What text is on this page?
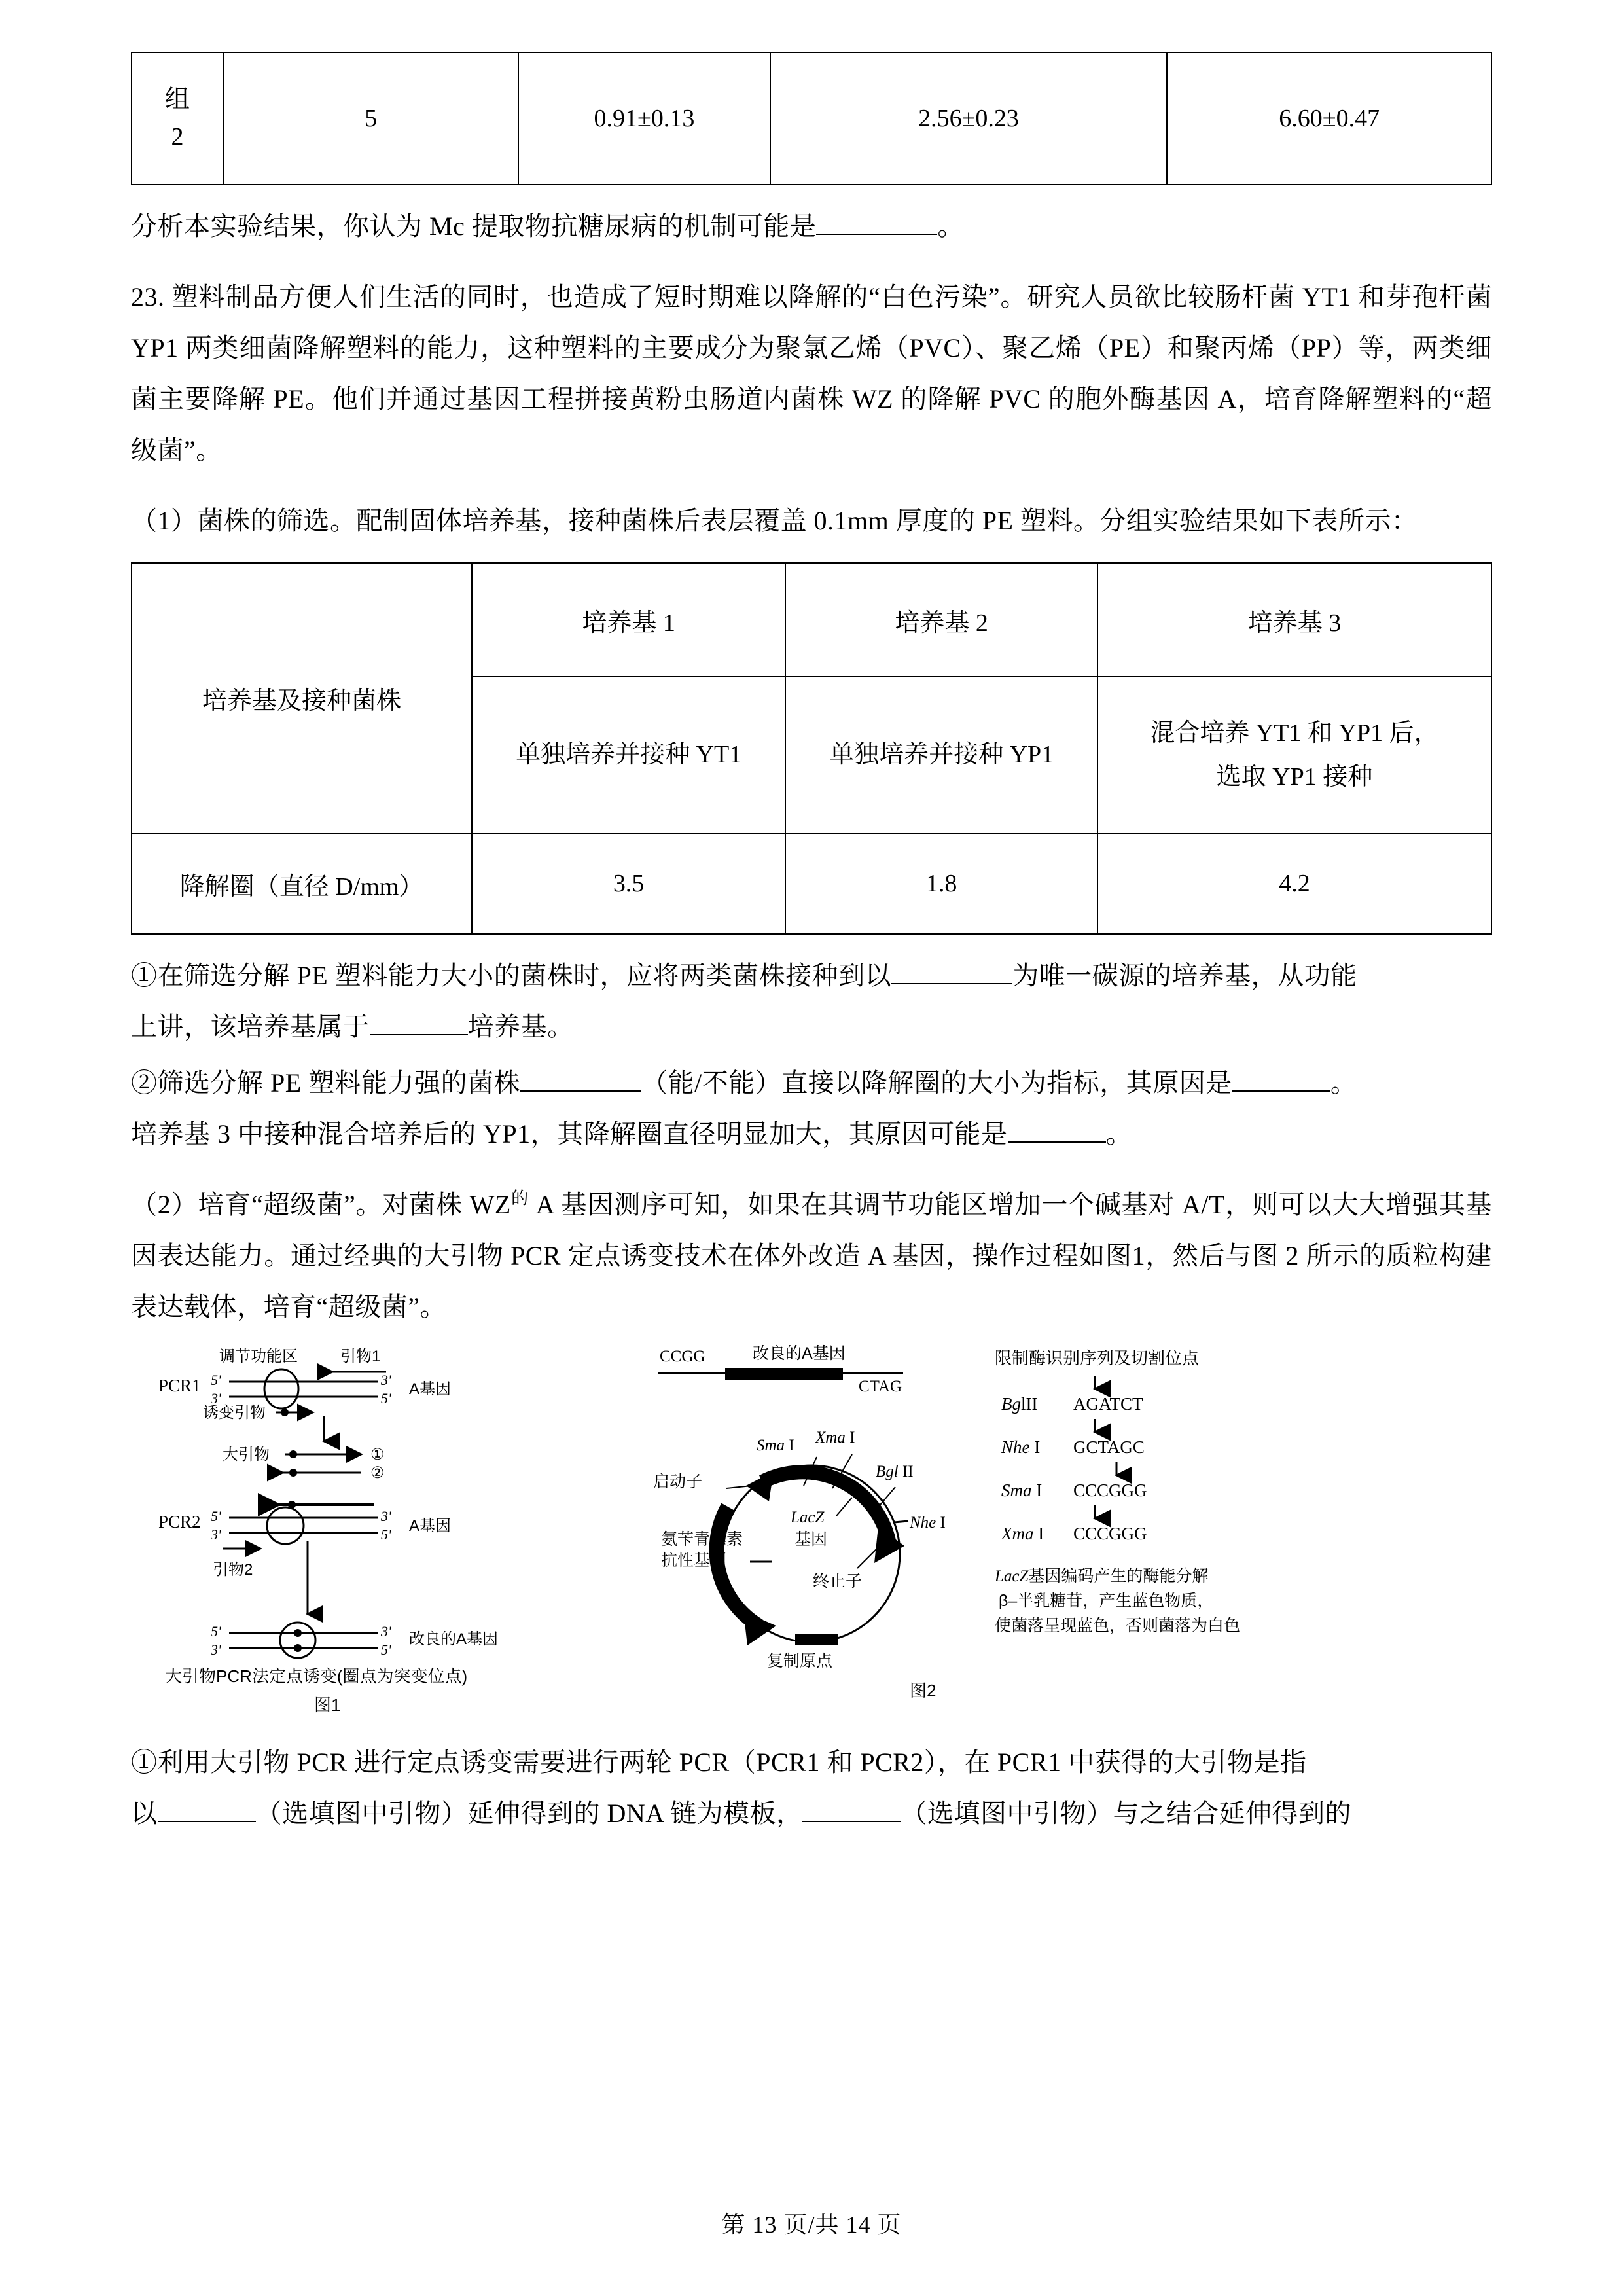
组
2
	5	0.91±0.13	2.56±0.23	6.60±0.47

分析本实验结果，你认为 Mc 提取物抗糖尿病的机制可能是	。

23. 塑料制品方便人们生活的同时，也造成了短时期难以降解的“白色污染”。研究人员欲比较肠杆菌 YT1 和芽孢杆菌 YP1 两类细菌降解塑料的能力，这种塑料的主要成分为聚氯乙烯（PVC）、聚乙烯（PE）和聚丙烯（PP）等，两类细菌主要降解 PE。他们并通过基因工程拼接黄粉虫肠道内菌株 WZ 的降解 PVC 的胞外酶基因 A，培育降解塑料的“超级菌”。

（1）菌株的筛选。配制固体培养基，接种菌株后表层覆盖 0.1mm 厚度的 PE 塑料。分组实验结果如下表所示：

培养基及接种菌株	培养基 1	培养基 2	培养基 3
	单独培养并接种 YT1	单独培养并接种 YP1	混合培养 YT1 和 YP1 后，
选取 YP1 接种

降解圈（直径 D/mm）	3.5	1.8	4.2

①在筛选分解 PE 塑料能力大小的菌株时，应将两类菌株接种到以	为唯一碳源的培养基，从功能
上讲，该培养基属于	培养基。

②筛选分解 PE 塑料能力强的菌株	（能/不能）直接以降解圈的大小为指标，其原因是	。

培养基 3 中接种混合培养后的 YP1，其降解圈直径明显加大，其原因可能是	。

（2）培育“超级菌”。对菌株 $WZ^的$ A 基因测序可知，如果在其调节功能区增加一个碱基对 A/T，则可以大大增强其基因表达能力。通过经典的大引物 PCR 定点诱变技术在体外改造 A 基因，操作过程如图1，然后与图 2 所示的质粒构建表达载体，培育“超级菌”。

调节功能区	引物1
PCR1 5'
3'
3'
5'
A基因
诱变引物
大引物	①
②
PCR2 5'
3'
3'
5' A基因
引物2
5'
3'
3'
5'
改良的A基因
大引物PCR法定点诱变(圈点为突变位点)
图1
CCGG	改良的A基因
CTAG
限制酶识别序列及切割位点
BglII AGATCT
Nhe I GCTAGC
Sma I CCCGGG
Xma I CCCGGG
LacZ基因编码产生的酶能分解
β–半乳糖苷，产生蓝色物质，
使菌落呈现蓝色，否则菌落为白色
启动子
Sma I Xma I
Bgl II
Nhe I
LacZ
基因
终止子
氨苄青霉素
抗性基因
复制原点
图2

①利用大引物 PCR 进行定点诱变需要进行两轮 PCR（PCR1 和 PCR2），在 PCR1 中获得的大引物是指
以	（选填图中引物）延伸得到的 DNA 链为模板，	（选填图中引物）与之结合延伸得到的

第 13 页/共 14 页
